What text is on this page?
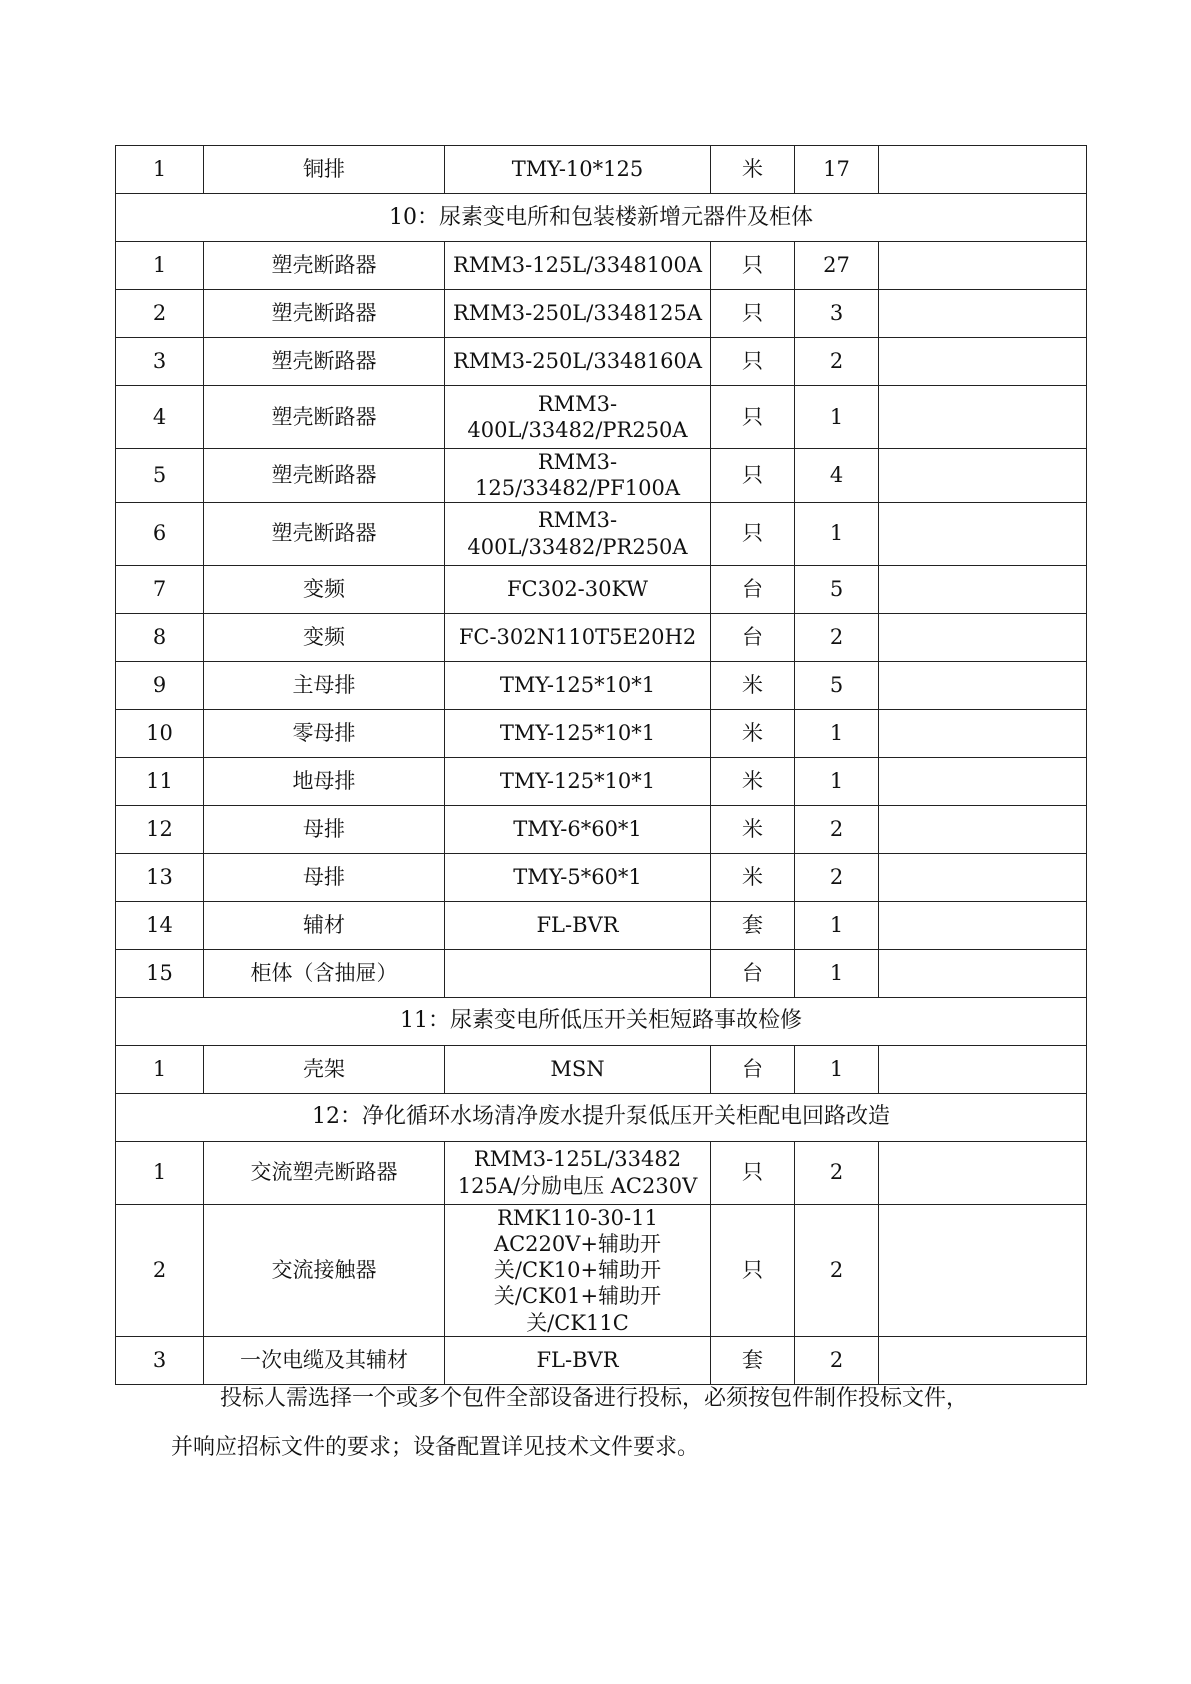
1	铜排	TMY-10*125	米	17	
10：尿素变电所和包装楼新增元器件及柜体					
1	塑壳断路器	RMM3-125L/3348100A	只	27	
2	塑壳断路器	RMM3-250L/3348125A	只	3	
3	塑壳断路器	RMM3-250L/3348160A	只	2	
4	塑壳断路器	RMM3-400L/33482/PR250A	只	1	
5	塑壳断路器	RMM3-125/33482/PF100A	只	4	
6	塑壳断路器	RMM3-400L/33482/PR250A	只	1	
7	变频	FC302-30KW	台	5	
8	变频	FC-302N110T5E20H2	台	2	
9	主母排	TMY-125*10*1	米	5	
10	零母排	TMY-125*10*1	米	1	
11	地母排	TMY-125*10*1	米	1	
12	母排	TMY-6*60*1	米	2	
13	母排	TMY-5*60*1	米	2	
14	辅材	FL-BVR	套	1	
15	柜体（含抽屉）		台	1	
11：尿素变电所低压开关柜短路事故检修					
1	壳架	MSN	台	1	
12：净化循环水场清净废水提升泵低压开关柜配电回路改造					
1	交流塑壳断路器	RMM3-125L/33482 125A/分励电压 AC230V	只	2	
2	交流接触器	RMK110-30-11 AC220V+辅助开关/CK10+辅助开关/CK01+辅助开关/CK11C	只	2	
3	一次电缆及其辅材	FL-BVR	套	2	
投标人需选择一个或多个包件全部设备进行投标，必须按包件制作投标文件，
并响应招标文件的要求；设备配置详见技术文件要求。
